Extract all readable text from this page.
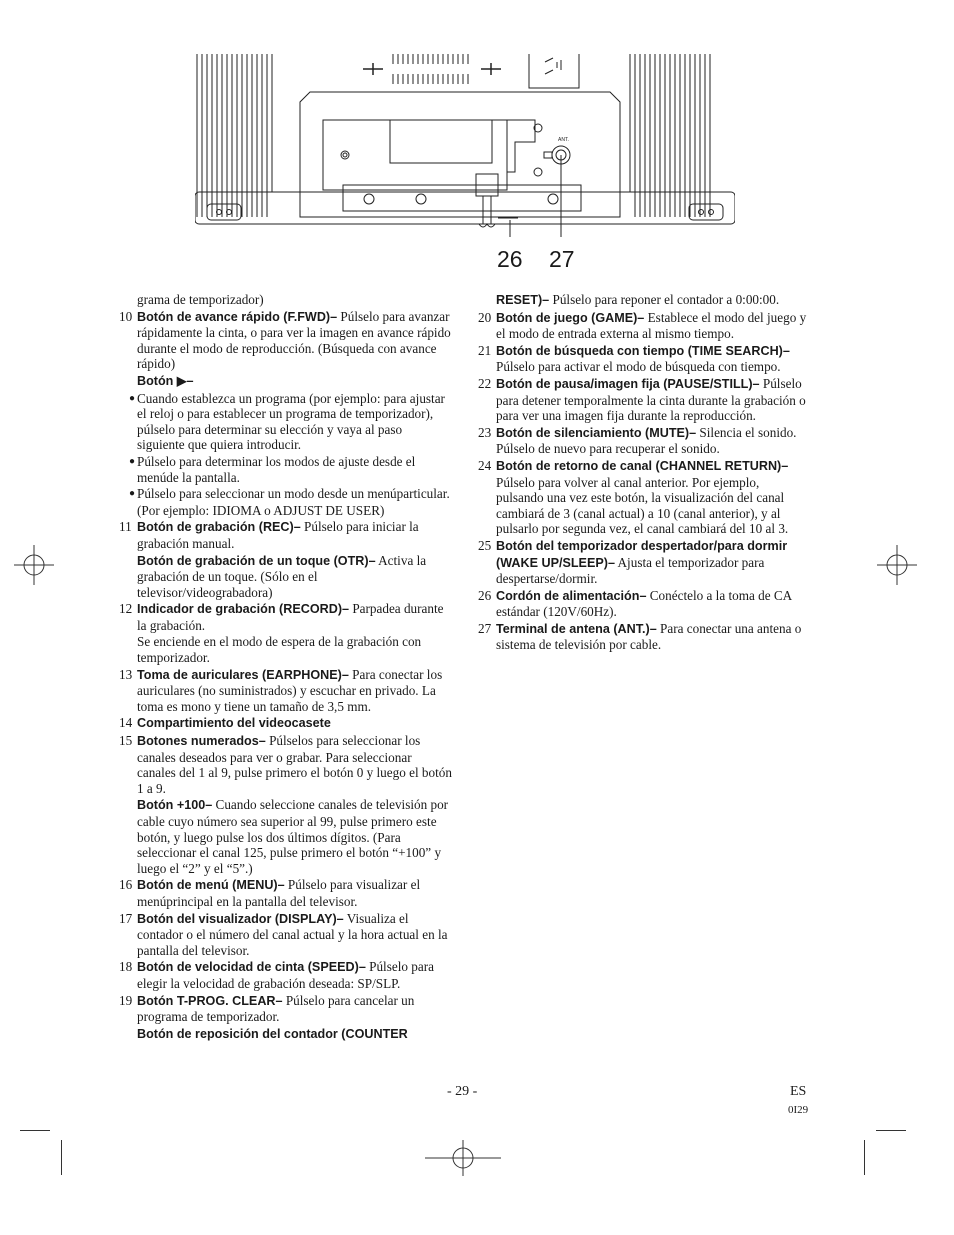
ANT.
26 27
grama de temporizador)
10 Botón de avance rápido (F.FWD)– Púlselo para avanzar rápidamente la cinta, o para ver la imagen en avance rápido durante el modo de reproducción. (Búsqueda con avance rápido)
Botón ▶–
● Cuando establezca un programa (por ejemplo: para ajustar el reloj o para establecer un programa de temporizador), púlselo para determinar su elección y vaya al paso siguiente que quiera introducir.
● Púlselo para determinar los modos de ajuste desde el menúde la pantalla.
● Púlselo para seleccionar un modo desde un menúparticular.
(Por ejemplo: IDIOMA o ADJUST DE USER)
11 Botón de grabación (REC)– Púlselo para iniciar la grabación manual.
Botón de grabación de un toque (OTR)– Activa la grabación de un toque. (Sólo en el televisor/videograbadora)
12 Indicador de grabación (RECORD)– Parpadea durante la grabación.
Se enciende en el modo de espera de la grabación con temporizador.
13 Toma de auriculares (EARPHONE)– Para conectar los auriculares (no suministrados) y escuchar en privado. La toma es mono y tiene un tamaño de 3,5 mm.
14 Compartimiento del videocasete
15 Botones numerados– Púlselos para seleccionar los canales deseados para ver o grabar. Para seleccionar canales del 1 al 9, pulse primero el botón 0 y luego el botón 1 a 9.
Botón +100– Cuando seleccione canales de televisión por cable cuyo número sea superior al 99, pulse primero este botón, y luego pulse los dos últimos dígitos. (Para seleccionar el canal 125, pulse primero el botón “+100” y luego el “2” y el “5”.)
16 Botón de menú (MENU)– Púlselo para visualizar el menúprincipal en la pantalla del televisor.
17 Botón del visualizador (DISPLAY)– Visualiza el contador o el número del canal actual y la hora actual en la pantalla del televisor.
18 Botón de velocidad de cinta (SPEED)– Púlselo para elegir la velocidad de grabación deseada: SP/SLP.
19 Botón T-PROG. CLEAR– Púlselo para cancelar un programa de temporizador.
Botón de reposición del contador (COUNTER
RESET)– Púlselo para reponer el contador a 0:00:00.
20 Botón de juego (GAME)– Establece el modo del juego y el modo de entrada externa al mismo tiempo.
21 Botón de búsqueda con tiempo (TIME SEARCH)– Púlselo para activar el modo de búsqueda con tiempo.
22 Botón de pausa/imagen fija (PAUSE/STILL)– Púlselo para detener temporalmente la cinta durante la grabación o para ver una imagen fija durante la reproducción.
23 Botón de silenciamiento (MUTE)– Silencia el sonido. Púlselo de nuevo para recuperar el sonido.
24 Botón de retorno de canal (CHANNEL RETURN)– Púlselo para volver al canal anterior. Por ejemplo, pulsando una vez este botón, la visualización del canal cambiará de 3 (canal actual) a 10 (canal anterior), y al pulsarlo por segunda vez, el canal cambiará del 10 al 3.
25 Botón del temporizador despertador/para dormir (WAKE UP/SLEEP)– Ajusta el temporizador para despertarse/dormir.
26 Cordón de alimentación– Conéctelo a la toma de CA estándar (120V/60Hz).
27 Terminal de antena (ANT.)– Para conectar una antena o sistema de televisión por cable.
- 29 -	ES
0I29
